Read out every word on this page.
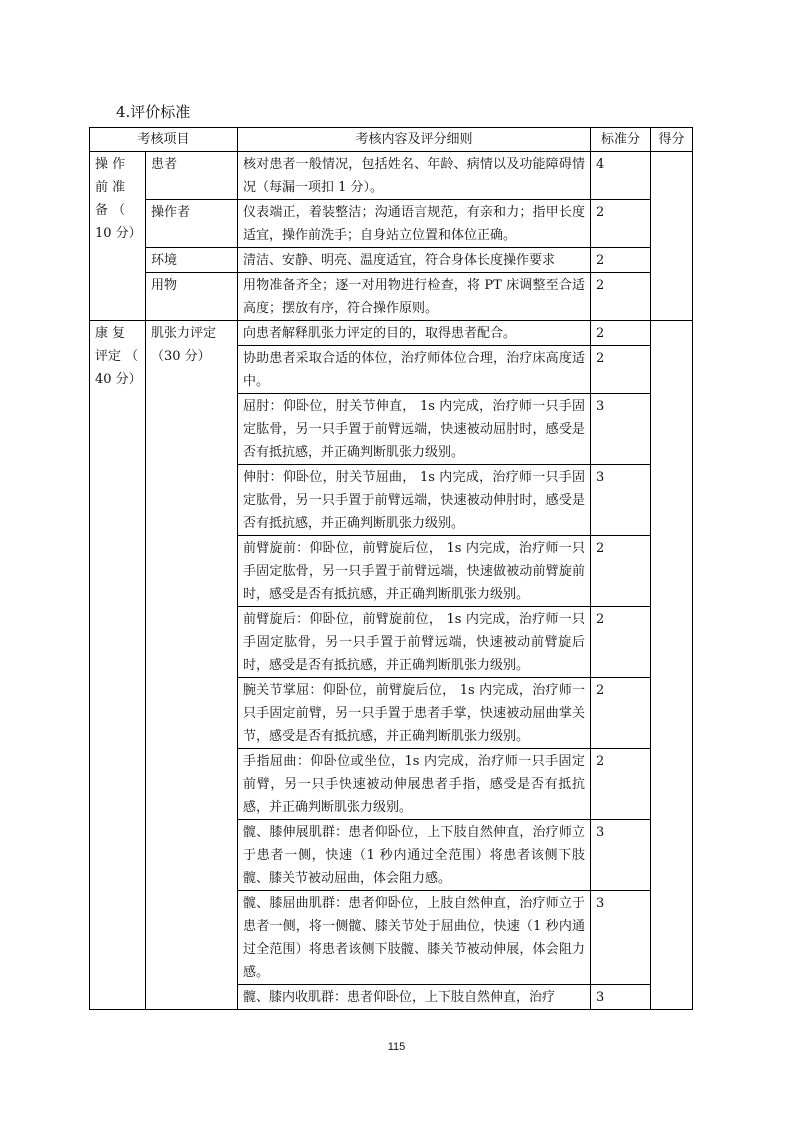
4.评价标准
考核项目		考核内容及评分细则	标准分	得分
操 作 前 准 备 （ 10 分）	患者	核对患者一般情况，包括姓名、年龄、病情以及功能障碍情况（每漏一项扣 1 分）。	4	
	操作者	仪表端正，着装整洁；沟通语言规范，有亲和力；指甲长度适宜，操作前洗手；自身站立位置和体位正确。	2	
	环境	清洁、安静、明亮、温度适宜，符合身体长度操作要求	2	
	用物	用物准备齐全；逐一对用物进行检查，将 PT 床调整至合适高度；摆放有序，符合操作原则。	2	
康 复 评定 （ 40 分）	肌张力评定（30 分）	向患者解释肌张力评定的目的，取得患者配合。	2	
		协助患者采取合适的体位，治疗师体位合理，治疗床高度适中。	2	
		屈肘：仰卧位，肘关节伸直， 1s 内完成，治疗师一只手固定肱骨，另一只手置于前臂远端，快速被动屈肘时，感受是否有抵抗感，并正确判断肌张力级别。	3	
		伸肘：仰卧位，肘关节屈曲， 1s 内完成，治疗师一只手固定肱骨，另一只手置于前臂远端，快速被动伸肘时，感受是否有抵抗感，并正确判断肌张力级别。	3	
		前臂旋前：仰卧位，前臂旋后位， 1s 内完成，治疗师一只手固定肱骨，另一只手置于前臂远端，快速做被动前臂旋前时，感受是否有抵抗感，并正确判断肌张力级别。	2	
		前臂旋后：仰卧位，前臂旋前位， 1s 内完成，治疗师一只手固定肱骨，另一只手置于前臂远端，快速被动前臂旋后时，感受是否有抵抗感，并正确判断肌张力级别。	2	
		腕关节掌屈：仰卧位，前臂旋后位， 1s 内完成，治疗师一只手固定前臂，另一只手置于患者手掌，快速被动屈曲掌关节，感受是否有抵抗感，并正确判断肌张力级别。	2	
		手指屈曲：仰卧位或坐位，1s 内完成，治疗师一只手固定前臂，另一只手快速被动伸展患者手指，感受是否有抵抗感，并正确判断肌张力级别。	2	
		髋、膝伸展肌群：患者仰卧位，上下肢自然伸直，治疗师立于患者一侧，快速（1 秒内通过全范围）将患者该侧下肢髋、膝关节被动屈曲，体会阻力感。	3	
		髋、膝屈曲肌群：患者仰卧位，上肢自然伸直，治疗师立于患者一侧，将一侧髋、膝关节处于屈曲位，快速（1 秒内通过全范围）将患者该侧下肢髋、膝关节被动伸展，体会阻力感。	3	
		髋、膝内收肌群：患者仰卧位，上下肢自然伸直，治疗	3	
115
